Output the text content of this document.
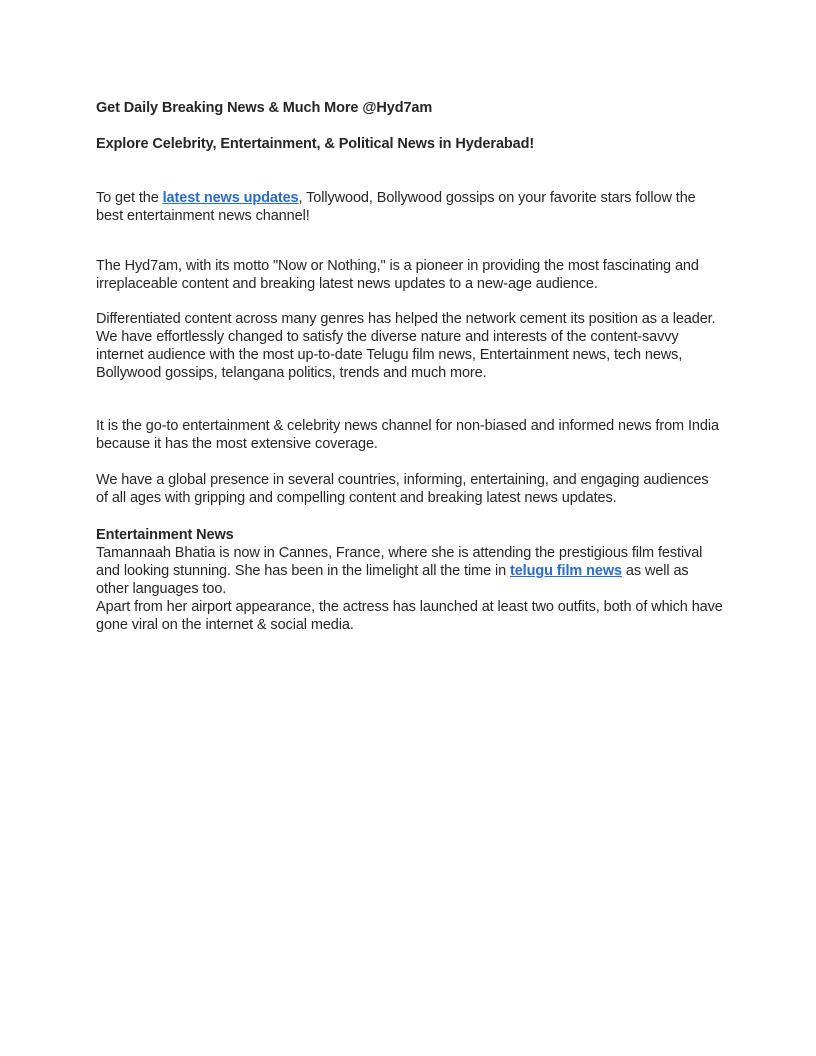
Get Daily Breaking News & Much More @Hyd7am
Explore Celebrity, Entertainment, & Political News in Hyderabad!
To get the latest news updates, Tollywood, Bollywood gossips on your favorite stars follow the best entertainment news channel!
The Hyd7am, with its motto "Now or Nothing," is a pioneer in providing the most fascinating and irreplaceable content and breaking latest news updates to a new-age audience.
Differentiated content across many genres has helped the network cement its position as a leader.
We have effortlessly changed to satisfy the diverse nature and interests of the content-savvy internet audience with the most up-to-date Telugu film news, Entertainment news, tech news, Bollywood gossips, telangana politics, trends and much more.
It is the go-to entertainment & celebrity news channel for non-biased and informed news from India because it has the most extensive coverage.
We have a global presence in several countries, informing, entertaining, and engaging audiences of all ages with gripping and compelling content and breaking latest news updates.
Entertainment News
Tamannaah Bhatia is now in Cannes, France, where she is attending the prestigious film festival and looking stunning. She has been in the limelight all the time in telugu film news as well as other languages too.
Apart from her airport appearance, the actress has launched at least two outfits, both of which have gone viral on the internet & social media.
